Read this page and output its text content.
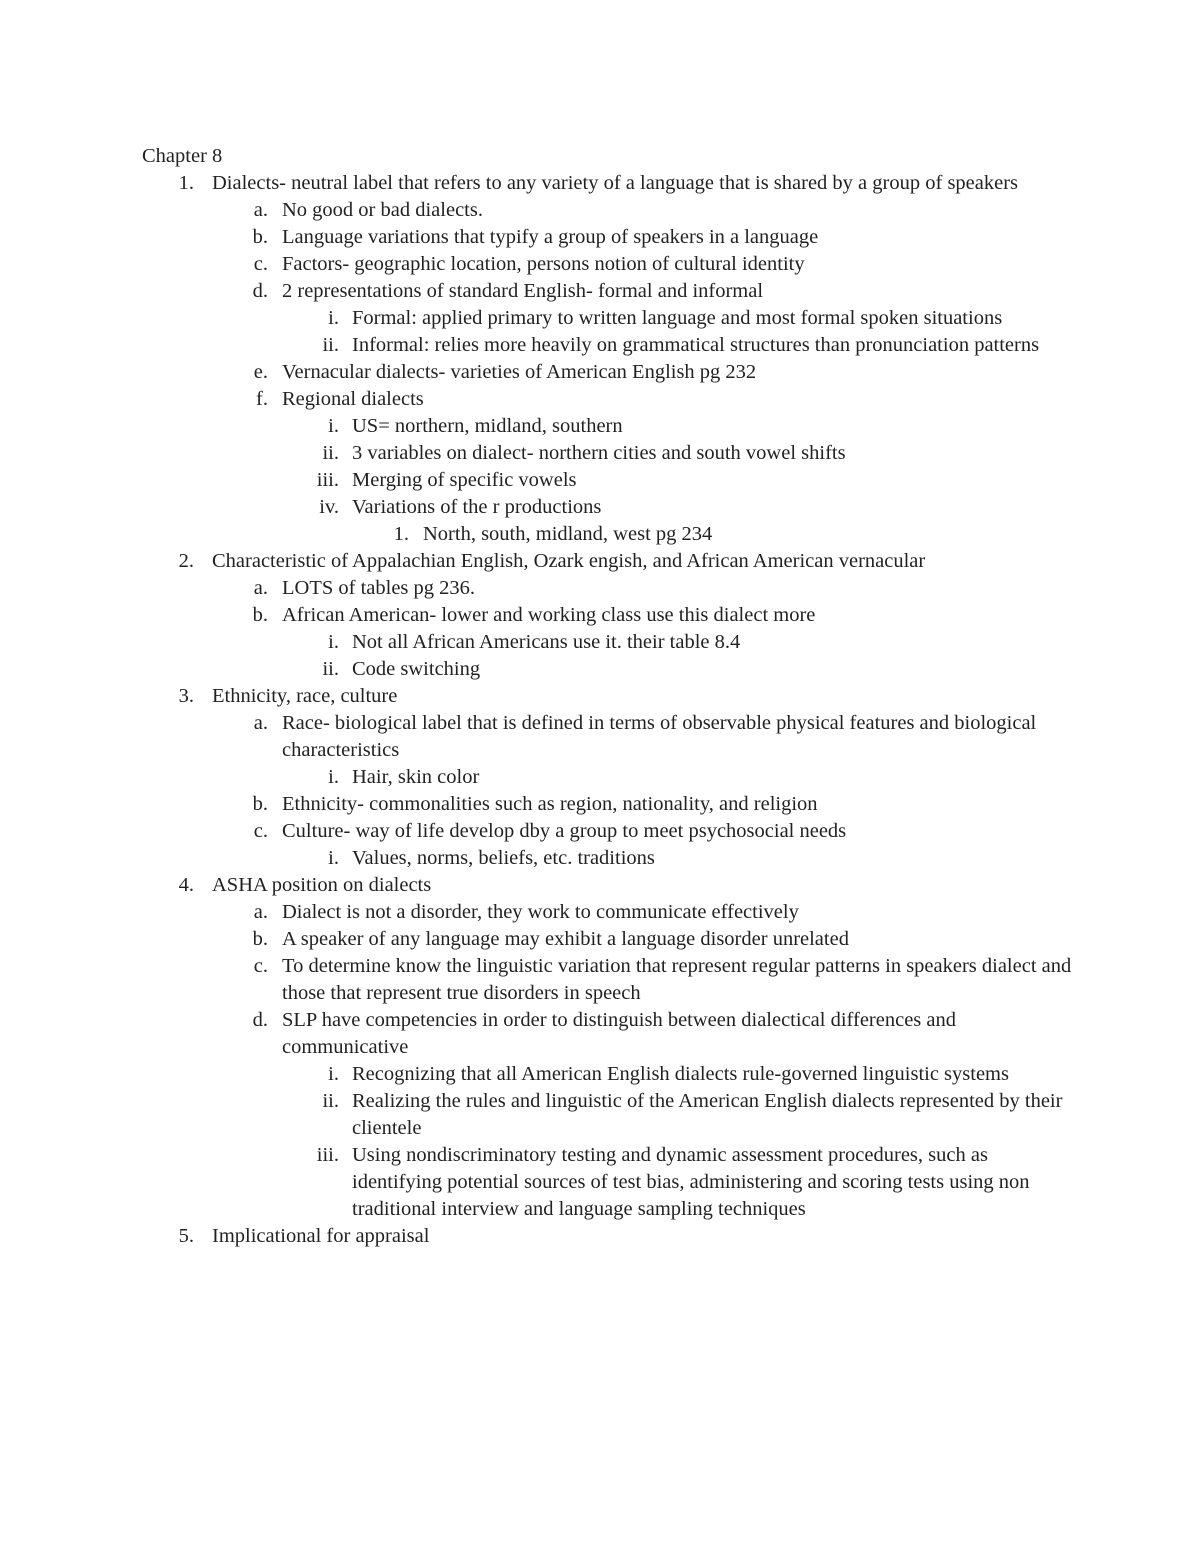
Chapter 8
1. Dialects- neutral label that refers to any variety of a language that is shared by a group of speakers
a. No good or bad dialects.
b. Language variations that typify a group of speakers in a language
c. Factors- geographic location, persons notion of cultural identity
d. 2 representations of standard English- formal and informal
i. Formal: applied primary to written language and most formal spoken situations
ii. Informal: relies more heavily on grammatical structures than pronunciation patterns
e. Vernacular dialects- varieties of American English pg 232
f. Regional dialects
i. US= northern, midland, southern
ii. 3 variables on dialect- northern cities and south vowel shifts
iii. Merging of specific vowels
iv. Variations of the r productions
1. North, south, midland, west pg 234
2. Characteristic of Appalachian English, Ozark engish, and African American vernacular
a. LOTS of tables pg 236.
b. African American- lower and working class use this dialect more
i. Not all African Americans use it. their table 8.4
ii. Code switching
3. Ethnicity, race, culture
a. Race- biological label that is defined in terms of observable physical features and biological characteristics
i. Hair, skin color
b. Ethnicity- commonalities such as region, nationality, and religion
c. Culture- way of life develop dby a group to meet psychosocial needs
i. Values, norms, beliefs, etc. traditions
4. ASHA position on dialects
a. Dialect is not a disorder, they work to communicate effectively
b. A speaker of any language may exhibit a language disorder unrelated
c. To determine know the linguistic variation that represent regular patterns in speakers dialect and those that represent true disorders in speech
d. SLP have competencies in order to distinguish between dialectical differences and communicative
i. Recognizing that all American English dialects rule-governed linguistic systems
ii. Realizing the rules and linguistic of the American English dialects represented by their clientele
iii. Using nondiscriminatory testing and dynamic assessment procedures, such as identifying potential sources of test bias, administering and scoring tests using non traditional interview and language sampling techniques
5. Implicational for appraisal
